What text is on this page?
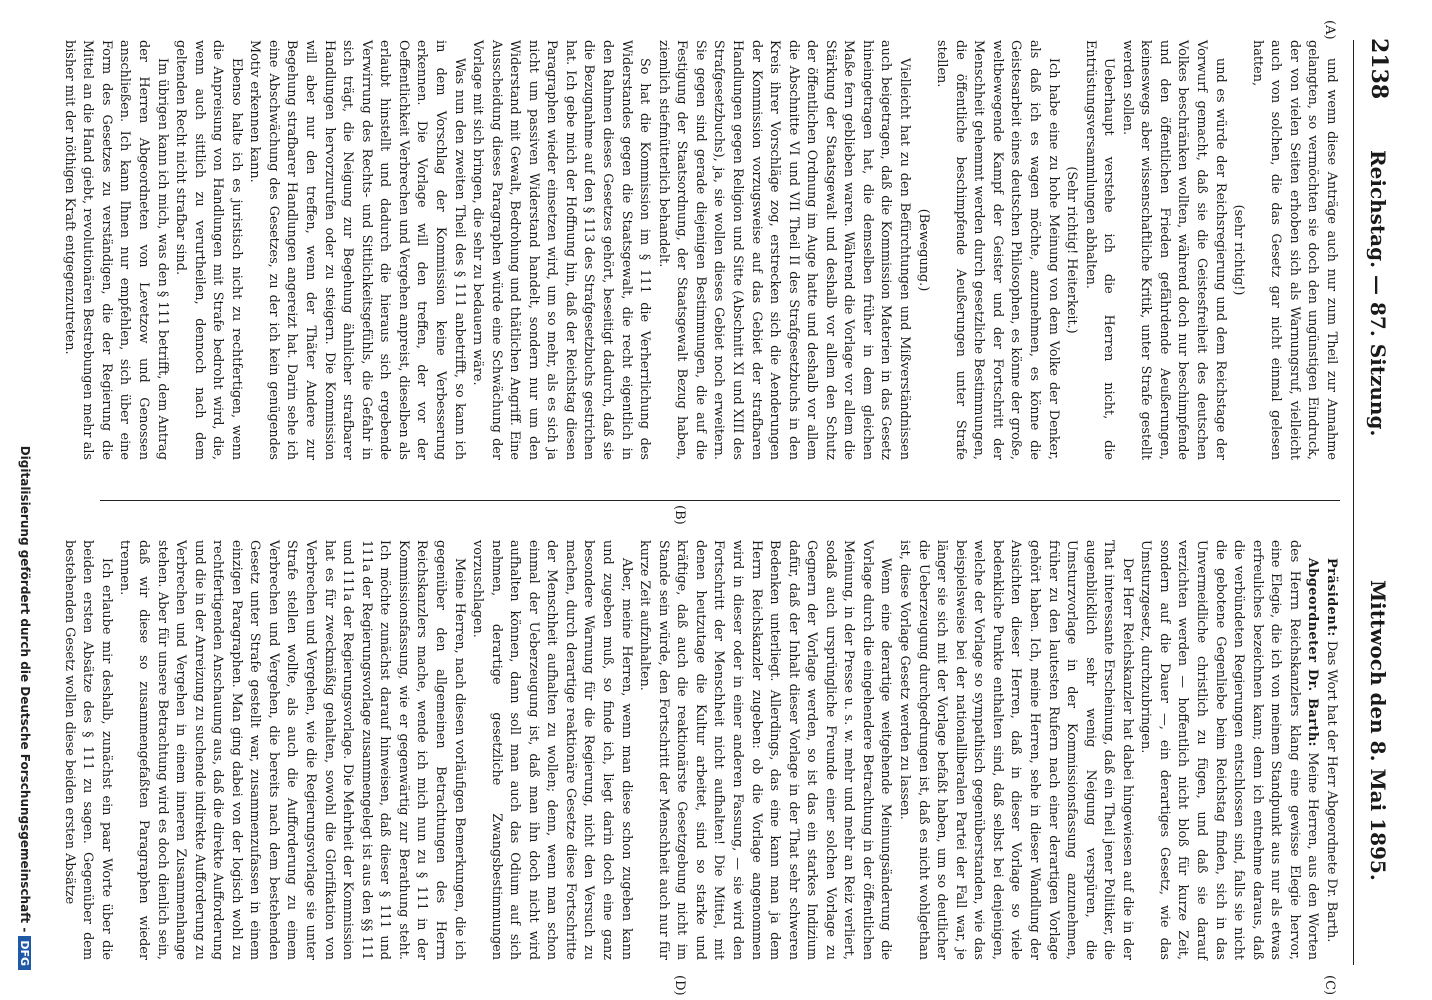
2138
Reichstag. — 87. Sitzung.
Mittwoch den 8. Mai 1895.
(A)
(B)
(C)
(D)

und wenn diese Anträge auch nur zum Theil zur Annahme gelangten, so vermöchten sie doch den ungünstigen Eindruck, der von vielen Seiten erhoben sich als Warnungsruf, vielleicht auch von solchen, die das Gesetz gar nicht einmal gelesen hatten,

(sehr richtig!)

und es würde der Reichsregierung und dem Reichstage der Vorwurf gemacht, daß sie die Geistesfreiheit des deutschen Volkes beschränken wollten, während doch nur beschimpfende und den öffentlichen Frieden gefährdende Aeußerungen, keineswegs aber wissenschaftliche Kritik, unter Strafe gestellt werden sollen.

Ueberhaupt verstehe ich die Herren nicht, die Entrüstungsversammlungen abhalten.

(Sehr richtig! Heiterkeit.)

Ich habe eine zu hohe Meinung von dem Volke der Denker, als daß ich es wagen möchte, anzunehmen, es könne die Geistesarbeit eines deutschen Philosophen, es könne der große, weltbewegende Kampf der Geister und der Fortschritt der Menschheit gehemmt werden durch gesetzliche Bestimmungen, die öffentliche beschimpfende Aeußerungen unter Strafe stellen.

(Bewegung.)

Vielleicht hat zu den Befürchtungen und Mißverständnissen auch beigetragen, daß die Kommission Materien in das Gesetz hineingetragen hat, die demselben früher in dem gleichen Maße fern geblieben waren. Während die Vorlage vor allem die Stärkung der Staatsgewalt und deshalb vor allem den Schutz der öffentlichen Ordnung im Auge hatte und deshalb vor allem die Abschnitte VI und VII Theil II des Strafgesetzbuchs in den Kreis ihrer Vorschläge zog, erstrecken sich die Aenderungen der Kommission vorzugsweise auf das Gebiet der strafbaren Handlungen gegen Religion und Sitte (Abschnitt XI und XIII des Strafgesetzbuchs), ja, sie wollen dieses Gebiet noch erweitern. Sie gegen sind gerade diejenigen Bestimmungen, die auf die Festigung der Staatsordnung, der Staatsgewalt Bezug haben, ziemlich stiefmütterlich behandelt.

So hat die Kommission im § 111 die Verherrlichung des Widerstandes gegen die Staatsgewalt, die recht eigentlich in den Rahmen dieses Gesetzes gehört, beseitigt dadurch, daß sie die Bezugnahme auf den § 113 des Strafgesetzbuchs gestrichen hat. Ich gebe mich der Hoffnung hin, daß der Reichstag diesen Paragraphen wieder einsetzen wird, um so mehr, als es sich ja nicht um passiven Widerstand handelt, sondern nur um den Widerstand mit Gewalt, Bedrohung und thätlichen Angriff. Eine Ausscheidung dieses Paragraphen würde eine Schwächung der Vorlage mit sich bringen, die sehr zu bedauern wäre.

Was nun den zweiten Theil des § 111 anbetrifft, so kann ich in dem Vorschlag der Kommission keine Verbesserung erkennen. Die Vorlage will den treffen, der vor der Oeffentlichkeit Verbrechen und Vergehen anpreist, dieselben als erlaubt hinstellt und dadurch die hieraus sich ergebende Verwirrung des Rechts- und Sittlichkeitsgefühls, die Gefahr in sich trägt, die Neigung zur Begehung ähnlicher strafbarer Handlungen hervorzurufen oder zu steigern. Die Kommission will aber nur den treffen, wenn der Thäter Andere zur Begehung strafbarer Handlungen angereizt hat. Darin sehe ich eine Abschwächung des Gesetzes, zu der ich kein genügendes Motiv erkennen kann.

Ebenso halte ich es juristisch nicht zu rechtfertigen, wenn die Anpreisung von Handlungen mit Strafe bedroht wird, die, wenn auch sittlich zu verurtheilen, dennoch nach dem geltenden Recht nicht strafbar sind.

Im übrigen kann ich mich, was den § 111 betrifft, dem Antrag der Herren Abgeordneten von Levetzow und Genossen anschließen. Ich kann Ihnen nur empfehlen, sich über eine Form des Gesetzes zu verständigen, die der Regierung die Mittel an die Hand giebt, revolutionären Bestrebungen mehr als bisher mit der nöthigen Kraft entgegenzutreten.

Präsident: Das Wort hat der Herr Abgeordnete Dr. Barth.

Abgeordneter Dr. Barth: Meine Herren, aus den Worten des Herrn Reichskanzlers klang eine gewisse Elegie hervor, eine Elegie, die ich von meinem Standpunkt aus nur als etwas erfreuliches bezeichnen kann; denn ich entnehme daraus, daß die verbündeten Regierungen entschlossen sind, falls sie nicht die gebotene Gegenliebe beim Reichstag finden, sich in das Unvermeidliche christlich zu fügen, und daß sie darauf verzichten werden — hoffentlich nicht bloß für kurze Zeit, sondern auf die Dauer —, ein derartiges Gesetz, wie das Umsturzgesetz, durchzubringen.

Der Herr Reichskanzler hat dabei hingewiesen auf die in der That interessante Erscheinung, daß ein Theil jener Politiker, die augenblicklich sehr wenig Neigung verspüren, die Umsturzvorlage in der Kommissionsfassung anzunehmen, früher zu den lautesten Rufern nach einer derartigen Vorlage gehört haben. Ich, meine Herren, sehe in dieser Wandlung der Ansichten dieser Herren, daß in dieser Vorlage so viele bedenkliche Punkte enthalten sind, daß selbst bei denjenigen, welche der Vorlage so sympathisch gegenüberstanden, wie das beispielsweise bei der nationalliberalen Partei der Fall war, je länger sie sich mit der Vorlage befaßt haben, um so deutlicher die Ueberzeugung durchgedrungen ist, daß es nicht wohlgethan ist, diese Vorlage Gesetz werden zu lassen.

Wenn eine derartige weitgehende Meinungsänderung die Vorlage durch die eingehendere Betrachtung in der öffentlichen Meinung, in der Presse u. s. w. mehr und mehr an Reiz verliert, sodaß auch ursprüngliche Freunde einer solchen Vorlage zu Gegnern der Vorlage werden, so ist das ein starkes Indizium dafür, daß der Inhalt dieser Vorlage in der That sehr schweren Bedenken unterliegt. Allerdings, das eine kann man ja dem Herrn Reichskanzler zugeben: ob die Vorlage angenommen wird in dieser oder in einer anderen Fassung, — sie wird den Fortschritt der Menschheit nicht aufhalten! Die Mittel, mit denen heutzutage die Kultur arbeitet, sind so starke und kräftige, daß auch die reaktionärste Gesetzgebung nicht im Stande sein würde, den Fortschritt der Menschheit auch nur für kurze Zeit aufzuhalten.

Aber, meine Herren, wenn man diese schon zugeben kann und zugeben muß, so finde ich, liegt darin doch eine ganz besondere Warnung für die Regierung, nicht den Versuch zu machen, durch derartige reaktionäre Gesetze diese Fortschritte der Menschheit aufhalten zu wollen; denn, wenn man schon einmal der Ueberzeugung ist, daß man ihn doch nicht wird aufhalten können, dann soll man auch das Odium auf sich nehmen, derartige gesetzliche Zwangsbestimmungen vorzuschlagen.

Meine Herren, nach diesen vorläufigen Bemerkungen, die ich gegenüber den allgemeinen Betrachtungen des Herrn Reichskanzlers mache, wende ich mich nun zu § 111 in der Kommissionsfassung, wie er gegenwärtig zur Berathung steht. Ich möchte zunächst darauf hinweisen, daß dieser § 111 und 111a der Regierungsvorlage zusammengelegt ist aus den §§ 111 und 111a der Regierungsvorlage. Die Mehrheit der Kommission hat es für zweckmäßig gehalten, sowohl die Glorifikation von Verbrechen und Vergehen, wie die Regierungsvorlage sie unter Strafe stellen wollte, als auch die Aufforderung zu einem Verbrechen und Vergehen, die bereits nach dem bestehenden Gesetz unter Strafe gestellt war, zusammenzufassen in einem einzigen Paragraphen. Man ging dabei von der logisch wohl zu rechtfertigenden Anschauung aus, daß die direkte Aufforderung und die in der Anreizung zu suchende indirekte Aufforderung zu Verbrechen und Vergehen in einem inneren Zusammenhange stehen. Aber für unsere Betrachtung wird es doch dienlich sein, daß wir diese so zusammengefaßten Paragraphen wieder trennen.

Ich erlaube mir deshalb, zunächst ein paar Worte über die beiden ersten Absätze des § 111 zu sagen. Gegenüber dem bestehenden Gesetz wollen diese beiden ersten Absätze

Digitalisierung gefördert durch die Deutsche Forschungsgemeinschaft -DFG
